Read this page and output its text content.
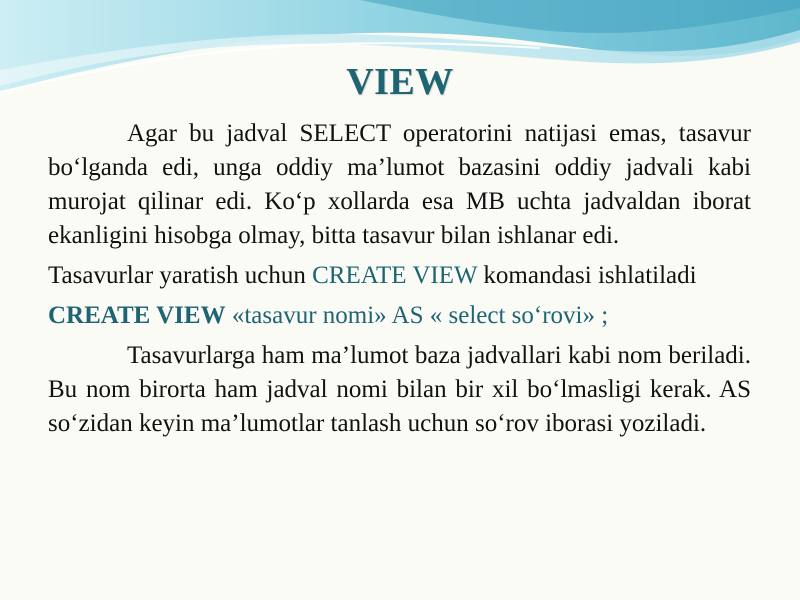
VIEW

Agar bu jadval SELECT operatorini natijasi emas, tasavur bo‘lganda edi, unga oddiy ma’lumot bazasini oddiy jadvali kabi murojat qilinar edi. Ko‘p xollarda esa MB uchta jadvaldan iborat ekanligini hisobga olmay, bitta tasavur bilan ishlanar edi.

Tasavurlar yaratish uchun CREATE VIEW komandasi ishlatiladi

CREATE VIEW «tasavur nomi» AS « select so‘rovi» ;

Tasavurlarga ham ma’lumot baza jadvallari kabi nom beriladi. Bu nom birorta ham jadval nomi bilan bir xil bo‘lmasligi kerak. AS so‘zidan keyin ma’lumotlar tanlash uchun so‘rov iborasi yoziladi.
